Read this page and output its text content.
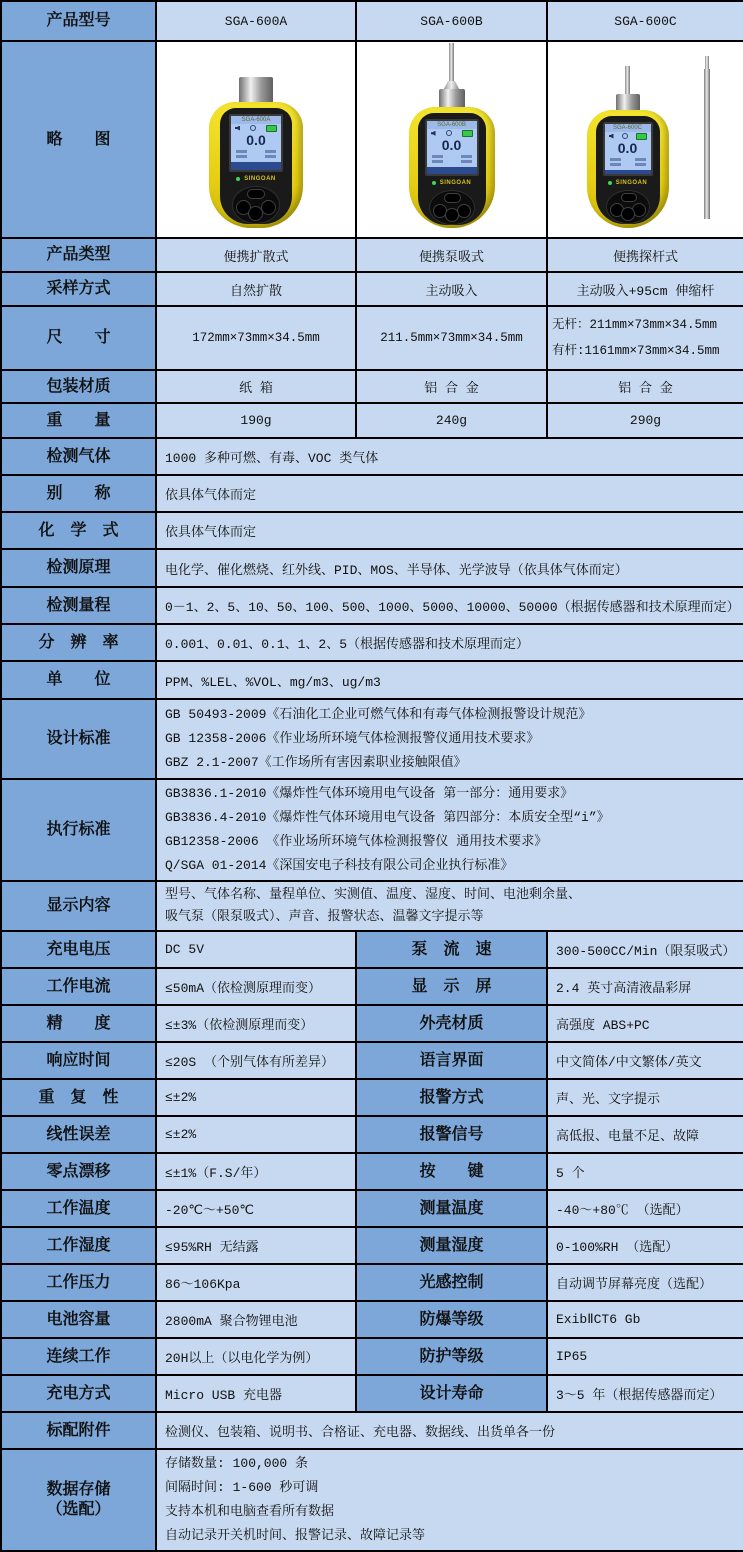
产品型号	SGA-600A	SGA-600B	SGA-600C
略　　图	
SGA-600A
0.0
SINGOAN

SGA-600B
0.0
SINGOAN

SGA-600C
0.0
SINGOAN

产品类型	便携扩散式	便携泵吸式	便携探杆式
采样方式	自然扩散	主动吸入	主动吸入+95cm 伸缩杆
尺　　寸	172mm×73mm×34.5mm	211.5mm×73mm×34.5mm	无杆：211mm×73mm×34.5mm
有杆:1161mm×73mm×34.5mm

包装材质	纸 箱	铝 合 金	铝 合 金
重　　量	190g	240g	290g
检测气体	1000 多种可燃、有毒、VOC 类气体		
别　　称	依具体气体而定		
化　学　式	依具体气体而定		
检测原理	电化学、催化燃烧、红外线、PID、MOS、半导体、光学波导（依具体气体而定）		
检测量程	0－1、2、5、10、50、100、500、1000、5000、10000、50000（根据传感器和技术原理而定）		
分　辨　率	0.001、0.01、0.1、1、2、5（根据传感器和技术原理而定）		
单　　位	PPM、%LEL、%VOL、mg/m3、ug/m3		
设计标准	GB 50493-2009《石油化工企业可燃气体和有毒气体检测报警设计规范》
GB 12358-2006《作业场所环境气体检测报警仪通用技术要求》
GBZ 2.1-2007《工作场所有害因素职业接触限值》		

执行标准	GB3836.1-2010《爆炸性气体环境用电气设备 第一部分：通用要求》
GB3836.4-2010《爆炸性气体环境用电气设备 第四部分：本质安全型“i”》
GB12358-2006 《作业场所环境气体检测报警仪 通用技术要求》
Q/SGA 01-2014《深国安电子科技有限公司企业执行标准》		

显示内容	型号、气体名称、量程单位、实测值、温度、湿度、时间、电池剩余量、
吸气泵（限泵吸式）、声音、报警状态、温馨文字提示等		

充电电压	DC 5V	泵　流　速	300-500CC/Min（限泵吸式）
工作电流	≤50mA（依检测原理而变）	显　示　屏	2.4 英寸高清液晶彩屏
精　　度	≤±3%（依检测原理而变）	外壳材质	高强度 ABS+PC
响应时间	≤20S （个别气体有所差异）	语言界面	中文简体/中文繁体/英文
重　复　性	≤±2%	报警方式	声、光、文字提示
线性误差	≤±2%	报警信号	高低报、电量不足、故障
零点漂移	≤±1%（F.S/年）	按　　键	5 个
工作温度	-20℃～+50℃	测量温度	-40～+80℃ （选配）
工作湿度	≤95%RH 无结露	测量湿度	0-100%RH （选配）
工作压力	86～106Kpa	光感控制	自动调节屏幕亮度（选配）
电池容量	2800mA 聚合物锂电池	防爆等级	ExibⅡCT6 Gb
连续工作	20H以上（以电化学为例）	防护等级	IP65
充电方式	Micro USB 充电器	设计寿命	3～5 年（根据传感器而定）
标配附件	检测仪、包装箱、说明书、合格证、充电器、数据线、出货单各一份		

数据存储
（选配）

存储数量: 100,000 条
间隔时间: 1-600 秒可调
支持本机和电脑查看所有数据
自动记录开关机时间、报警记录、故障记录等
